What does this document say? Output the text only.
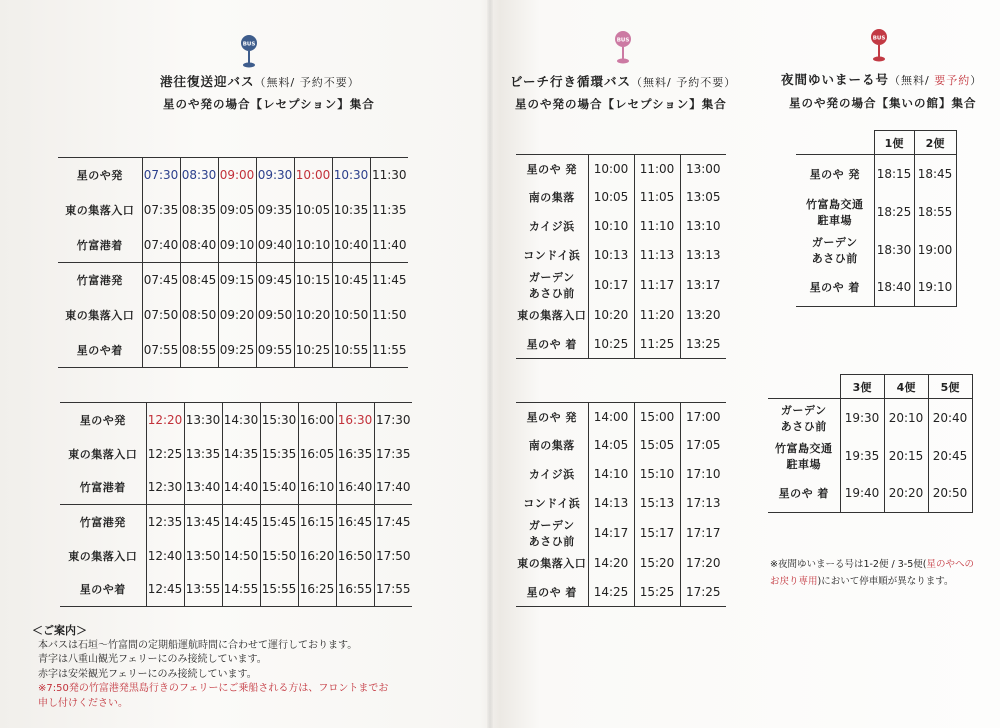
BUS
BUS	BUS
港往復送迎バス（無料/ 予約不要）
星のや発の場合【レセプション】集合
ビーチ行き循環バス（無料/ 予約不要）
星のや発の場合【レセプション】集合
夜間ゆいまーる号（無料/ 要予約）
星のや発の場合【集いの館】集合
星のや発	07:30	08:30	09:00	09:30	10:00	10:30	11:30
東の集落入口	07:35	08:35	09:05	09:35	10:05	10:35	11:35
竹富港着	07:40	08:40	09:10	09:40	10:10	10:40	11:40
竹富港発	07:45	08:45	09:15	09:45	10:15	10:45	11:45
東の集落入口	07:50	08:50	09:20	09:50	10:20	10:50	11:50
星のや着	07:55	08:55	09:25	09:55	10:25	10:55	11:55
星のや発	12:20	13:30	14:30	15:30	16:00	16:30	17:30
東の集落入口	12:25	13:35	14:35	15:35	16:05	16:35	17:35
竹富港着	12:30	13:40	14:40	15:40	16:10	16:40	17:40
竹富港発	12:35	13:45	14:45	15:45	16:15	16:45	17:45
東の集落入口	12:40	13:50	14:50	15:50	16:20	16:50	17:50
星のや着	12:45	13:55	14:55	15:55	16:25	16:55	17:55
星のや 発	10:00	11:00	13:00
南の集落	10:05	11:05	13:05
カイジ浜	10:10	11:10	13:10
コンドイ浜	10:13	11:13	13:13
ガーデン
あさひ前	10:17	11:17	13:17
東の集落入口	10:20	11:20	13:20
星のや 着	10:25	11:25	13:25
星のや 発	14:00	15:00	17:00
南の集落	14:05	15:05	17:05
カイジ浜	14:10	15:10	17:10
コンドイ浜	14:13	15:13	17:13
ガーデン
あさひ前	14:17	15:17	17:17
東の集落入口	14:20	15:20	17:20
星のや 着	14:25	15:25	17:25
	1便	2便
星のや 発	18:15	18:45
竹富島交通
駐車場	18:25	18:55
ガーデン
あさひ前	18:30	19:00
星のや 着	18:40	19:10
	3便	4便	5便
ガーデン
あさひ前	19:30	20:10	20:40
竹富島交通
駐車場	19:35	20:15	20:45
星のや 着	19:40	20:20	20:50
※夜間ゆいまーる号は1-2便 / 3-5便(星のやへのお戻り専用)において停車順が異なります。
＜ご案内＞
本バスは石垣〜竹富間の定期船運航時間に合わせて運行しております。
青字は八重山観光フェリーにのみ接続しています。
赤字は安栄観光フェリーにのみ接続しています。
※7:50発の竹富港発黒島行きのフェリーにご乗船される方は、フロントまでお
申し付けください。
